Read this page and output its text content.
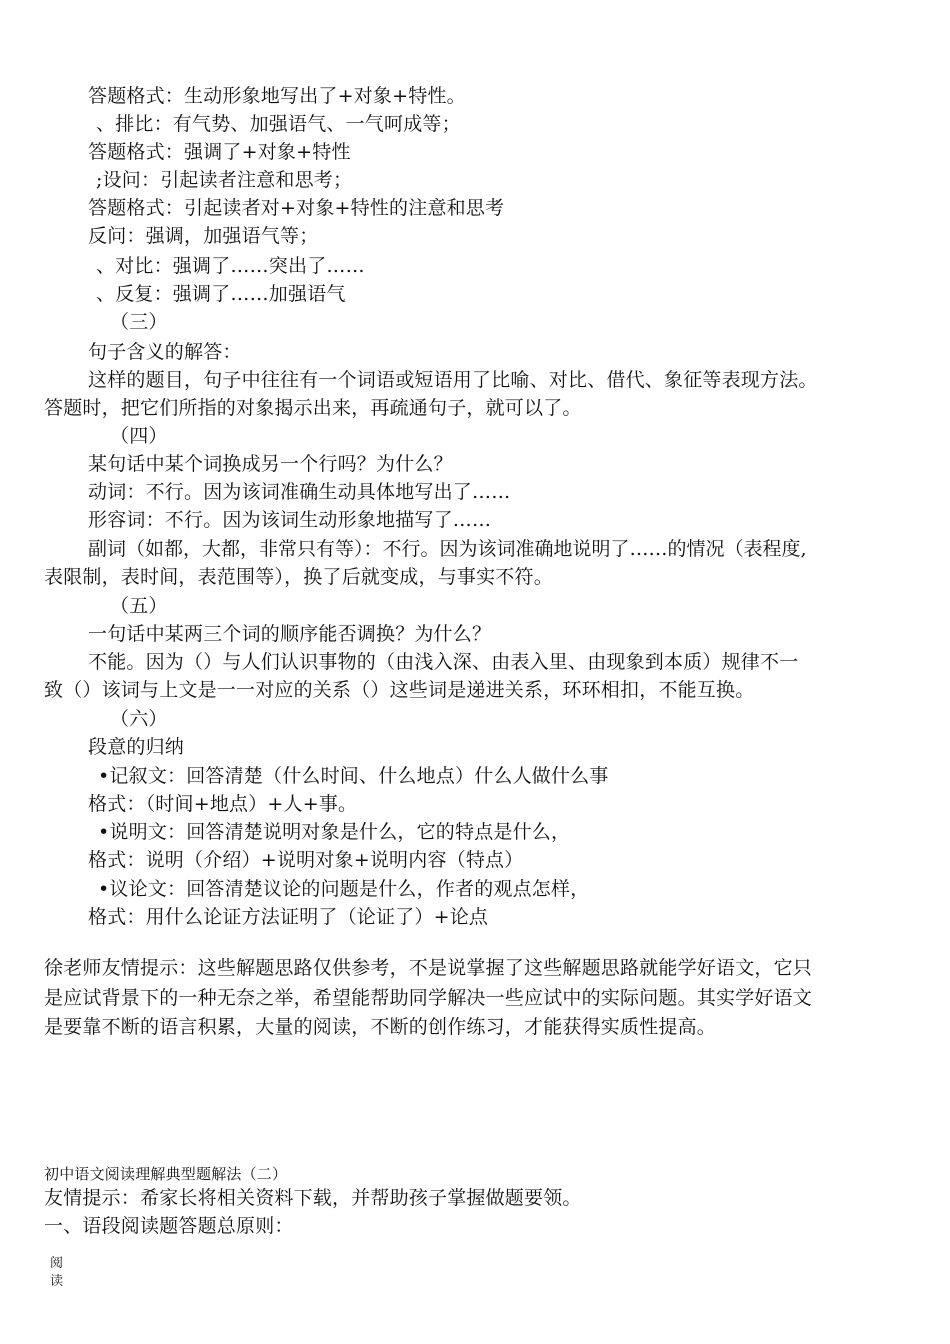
答题格式：生动形象地写出了+对象+特性。

、排比：有气势、加强语气、一气呵成等；

答题格式：强调了+对象+特性

;设问：引起读者注意和思考；

答题格式：引起读者对+对象+特性的注意和思考

反问：强调，加强语气等；

、对比：强调了……突出了……

、反复：强调了……加强语气

（三）

句子含义的解答：

这样的题目，句子中往往有一个词语或短语用了比喻、对比、借代、象征等表现方法。

答题时，把它们所指的对象揭示出来，再疏通句子，就可以了。

（四）

某句话中某个词换成另一个行吗？为什么？

动词：不行。因为该词准确生动具体地写出了……

形容词：不行。因为该词生动形象地描写了……

副词（如都，大都，非常只有等）：不行。因为该词准确地说明了……的情况（表程度,

表限制，表时间，表范围等），换了后就变成，与事实不符。

（五）

一句话中某两三个词的顺序能否调换？为什么？

不能。因为（）与人们认识事物的（由浅入深、由表入里、由现象到本质）规律不一

致（）该词与上文是一一对应的关系（）这些词是递进关系，环环相扣，不能互换。

（六）

段意的归纳

•记叙文：回答清楚（什么时间、什么地点）什么人做什么事

格式：（时间+地点）+人+事。

•说明文：回答清楚说明对象是什么，它的特点是什么，

格式：说明（介绍）+说明对象+说明内容（特点）

•议论文：回答清楚议论的问题是什么，作者的观点怎样，

格式：用什么论证方法证明了（论证了）+论点

徐老师友情提示：这些解题思路仅供参考，不是说掌握了这些解题思路就能学好语文，它只

是应试背景下的一种无奈之举，希望能帮助同学解决一些应试中的实际问题。其实学好语文

是要靠不断的语言积累，大量的阅读，不断的创作练习，才能获得实质性提高。

初中语文阅读理解典型题解法（二）

友情提示：希家长将相关资料下载，并帮助孩子掌握做题要领。

一、语段阅读题答题总原则：

阅

读
